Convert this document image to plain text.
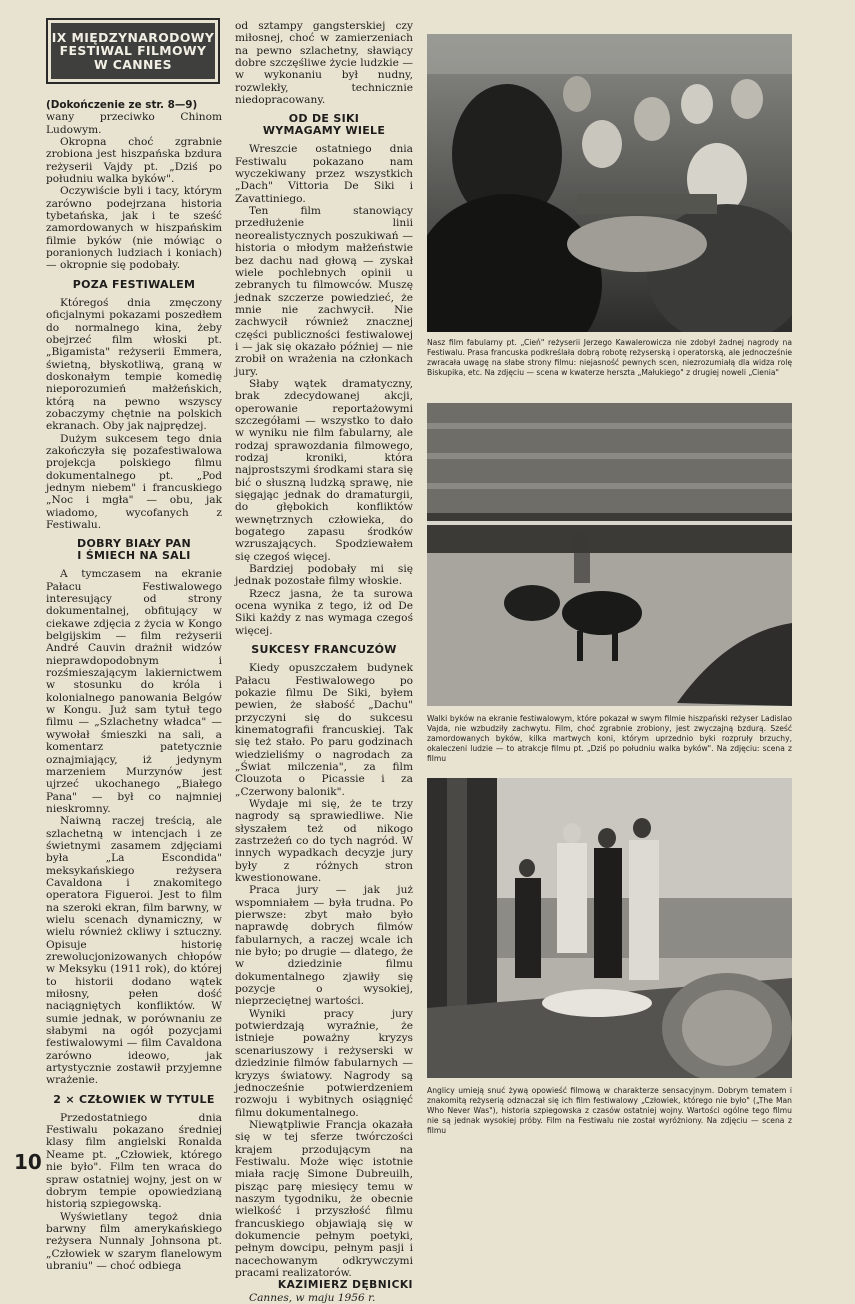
IX MIĘDZYNARODOWY
FESTIWAL FILMOWY
W CANNES

(Dokończenie ze str. 8—9)

wany przeciwko Chinom Ludowym.

Okropna choć zgrabnie zrobiona jest hiszpańska bzdura reżyserii Vajdy pt. „Dziś po południu walka byków".

Oczywiście byli i tacy, którym zarówno podejrzana historia tybetańska, jak i te sześć zamordowanych w hiszpańskim filmie byków (nie mówiąc o poranionych ludziach i koniach) — okropnie się podobały.

POZA FESTIWALEM

Któregoś dnia zmęczony oficjalnymi pokazami poszedłem do normalnego kina, żeby obejrzeć film włoski pt. „Bigamista" reżyserii Emmera, świetną, błyskotliwą, graną w doskonałym tempie komedię nieporozumień małżeńskich, którą na pewno wszyscy zobaczymy chętnie na polskich ekranach. Oby jak najprędzej.

Dużym sukcesem tego dnia zakończyła się pozafestiwalowa projekcja polskiego filmu dokumentalnego pt. „Pod jednym niebem" i francuskiego „Noc i mgła" — obu, jak wiadomo, wycofanych z Festiwalu.

DOBRY BIAŁY PAN
I ŚMIECH NA SALI

A tymczasem na ekranie Pałacu Festiwalowego interesujący od strony dokumentalnej, obfitujący w ciekawe zdjęcia z życia w Kongo belgijskim — film reżyserii André Cauvin drażnił widzów nieprawdopodobnym i rozśmieszającym lakiernictwem w stosunku do króla i kolonialnego panowania Belgów w Kongu. Już sam tytuł tego filmu — „Szlachetny władca" — wywołał śmieszki na sali, a komentarz patetycznie oznajmiający, iż jedynym marzeniem Murzynów jest ujrzeć ukochanego „Białego Pana" — był co najmniej nieskromny.

Naiwną raczej treścią, ale szlachetną w intencjach i ze świetnymi zasamem zdjęciami była „La Escondida" meksykańskiego reżysera Cavaldona i znakomitego operatora Figueroi. Jest to film na szeroki ekran, film barwny, w wielu scenach dynamiczny, w wielu również ckliwy i sztuczny. Opisuje historię zrewolucjonizowanych chłopów w Meksyku (1911 rok), do której to historii dodano wątek miłosny, pełen dość naciągniętych konfliktów. W sumie jednak, w porównaniu ze słabymi na ogół pozycjami festiwalowymi — film Cavaldona zarówno ideowo, jak artystycznie zostawił przyjemne wrażenie.

2 × CZŁOWIEK W TYTULE

Przedostatniego dnia Festiwalu pokazano średniej klasy film angielski Ronalda Neame pt. „Człowiek, którego nie było". Film ten wraca do spraw ostatniej wojny, jest on w dobrym tempie opowiedzianą historią szpiegowską.

Wyświetlany tegoż dnia barwny film amerykańskiego reżysera Nunnaly Johnsona pt. „Człowiek w szarym flanelowym ubraniu" — choć odbiega

od sztampy gangsterskiej czy miłosnej, choć w zamierzeniach na pewno szlachetny, sławiący dobre szczęśliwe życie ludzkie — w wykonaniu był nudny, rozwlekły, technicznie niedopracowany.

OD DE SIKI
WYMAGAMY WIELE

Wreszcie ostatniego dnia Festiwalu pokazano nam wyczekiwany przez wszystkich „Dach" Vittoria De Siki i Zavattiniego.

Ten film stanowiący przedłużenie linii neorealistycznych poszukiwań — historia o młodym małżeństwie bez dachu nad głową — zyskał wiele pochlebnych opinii u zebranych tu filmowców. Muszę jednak szczerze powiedzieć, że mnie nie zachwycił. Nie zachwycił również znacznej części publiczności festiwalowej i — jak się okazało później — nie zrobił on wrażenia na członkach jury.

Słaby wątek dramatyczny, brak zdecydowanej akcji, operowanie reportażowymi szczegółami — wszystko to dało w wyniku nie film fabularny, ale rodzaj sprawozdania filmowego, rodzaj kroniki, która najprostszymi środkami stara się bić o słuszną ludzką sprawę, nie sięgając jednak do dramaturgii, do głębokich konfliktów wewnętrznych człowieka, do bogatego zapasu środków wzruszających. Spodziewałem się czegoś więcej.

Bardziej podobały mi się jednak pozostałe filmy włoskie.

Rzecz jasna, że ta surowa ocena wynika z tego, iż od De Siki każdy z nas wymaga czegoś więcej.

SUKCESY FRANCUZÓW

Kiedy opuszczałem budynek Pałacu Festiwalowego po pokazie filmu De Siki, byłem pewien, że słabość „Dachu" przyczyni się do sukcesu kinematografii francuskiej. Tak się też stało. Po paru godzinach wiedzieliśmy o nagrodach za „Świat milczenia", za film Clouzota o Picassie i za „Czerwony balonik".

Wydaje mi się, że te trzy nagrody są sprawiedliwe. Nie słyszałem też od nikogo zastrzeżeń co do tych nagród. W innych wypadkach decyzje jury były z różnych stron kwestionowane.

Praca jury — jak już wspomniałem — była trudna. Po pierwsze: zbyt mało było naprawdę dobrych filmów fabularnych, a raczej wcale ich nie było; po drugie — dlatego, że w dziedzinie filmu dokumentalnego zjawiły się pozycje o wysokiej, nieprzeciętnej wartości.

Wyniki pracy jury potwierdzają wyraźnie, że istnieje poważny kryzys scenariuszowy i reżyserski w dziedzinie filmów fabularnych — kryzys światowy. Nagrody są jednocześnie potwierdzeniem rozwoju i wybitnych osiągnięć filmu dokumentalnego.

Niewątpliwie Francja okazała się w tej sferze twórczości krajem przodującym na Festiwalu. Może więc istotnie miała rację Simone Dubreuilh, pisząc parę miesięcy temu w naszym tygodniku, że obecnie wielkość i przyszłość filmu francuskiego objawiają się w dokumencie pełnym poetyki, pełnym dowcipu, pełnym pasji i nacechowanym odkrywczymi pracami realizatorów.

KAZIMIERZ DĘBNICKI

Cannes, w maju 1956 r.

Nasz film fabularny pt. „Cień" reżyserii Jerzego Kawalerowicza nie zdobył żadnej nagrody na Festiwalu. Prasa francuska podkreślała dobrą robotę reżyserską i operatorską, ale jednocześnie zwracała uwagę na słabe strony filmu: niejasność pewnych scen, niezrozumiałą dla widza rolę Biskupika, etc. Na zdjęciu — scena w kwaterze herszta „Małukiego" z drugiej noweli „Cienia"
Walki byków na ekranie festiwalowym, które pokazał w swym filmie hiszpański reżyser Ladislao Vajda, nie wzbudziły zachwytu. Film, choć zgrabnie zrobiony, jest zwyczajną bzdurą. Sześć zamordowanych byków, kilka martwych koni, którym uprzednio byki rozpruły brzuchy, okaleczeni ludzie — to atrakcje filmu pt. „Dziś po południu walka byków". Na zdjęciu: scena z filmu
Anglicy umieją snuć żywą opowieść filmową w charakterze sensacyjnym. Dobrym tematem i znakomitą reżyserią odznaczał się ich film festiwalowy „Człowiek, którego nie było" („The Man Who Never Was"), historia szpiegowska z czasów ostatniej wojny. Wartości ogólne tego filmu nie są jednak wysokiej próby. Film na Festiwalu nie został wyróżniony. Na zdjęciu — scena z filmu
10
